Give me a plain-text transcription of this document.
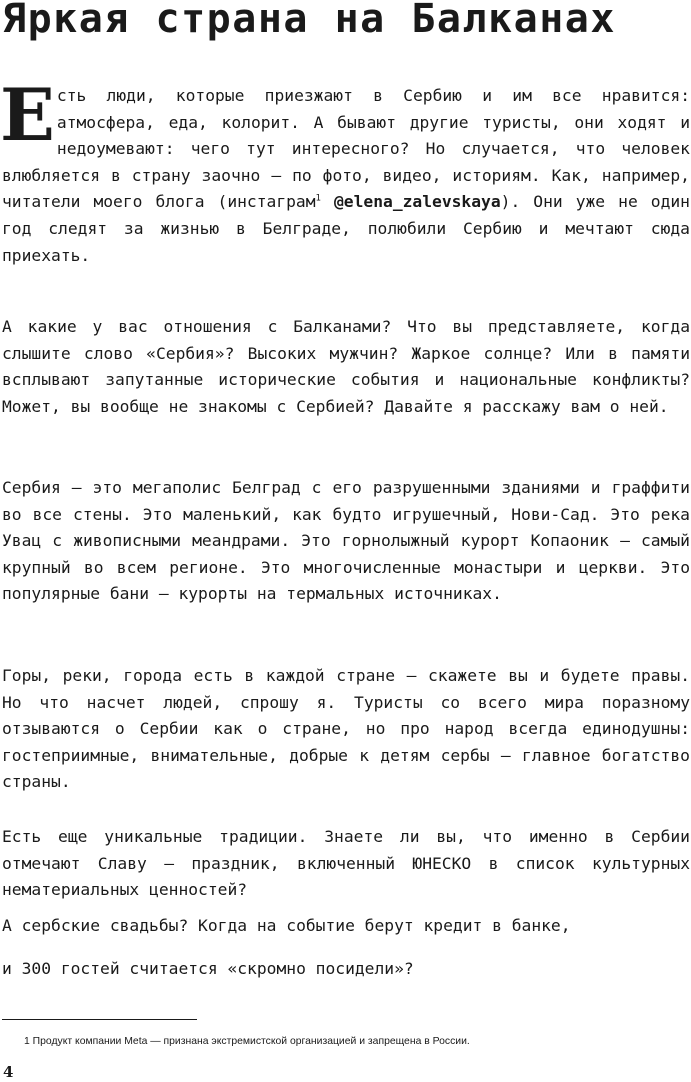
Яркая страна на Балканах

Есть люди, которые приезжают в Сербию и им все нравится: атмосфера, еда, колорит. А бывают другие туристы, они ходят и недоумевают: чего тут интересного? Но случается, что человек влюбляется в страну заочно – по фото, видео, историям. Как, например, читатели моего блога (инстаграм$^1$ @elena_zalevskaya). Они уже не один год следят за жизнью в Белграде, полюбили Сербию и мечтают сюда приехать.

А какие у вас отношения с Балканами? Что вы представляете, когда слышите слово «Сербия»? Высоких мужчин? Жаркое солнце? Или в памяти всплывают запутанные исторические события и национальные конфликты? Может, вы вообще не знакомы с Сербией? Давайте я расскажу вам о ней.

Сербия – это мегаполис Белград с его разрушенными зданиями и граффити во все стены. Это маленький, как будто игрушечный, Нови-Сад. Это река Увац с живописными меандрами. Это горнолыжный курорт Копаоник – самый крупный во всем регионе. Это многочисленные монастыри и церкви. Это популярные бани – курорты на термальных источниках.

Горы, реки, города есть в каждой стране – скажете вы и будете правы. Но что насчет людей, спрошу я. Туристы со всего мира поразному отзываются о Сербии как о стране, но про народ всегда единодушны: гостеприимные, внимательные, добрые к детям сербы – главное богатство страны.

Есть еще уникальные традиции. Знаете ли вы, что именно в Сербии отмечают Славу – праздник, включенный ЮНЕСКО в список культурных нематериальных ценностей?

А сербские свадьбы? Когда на событие берут кредит в банке,

и 300 гостей считается «скромно посидели»?

1 Продукт компании Meta — признана экстремистской организацией и запрещена в России.
4
